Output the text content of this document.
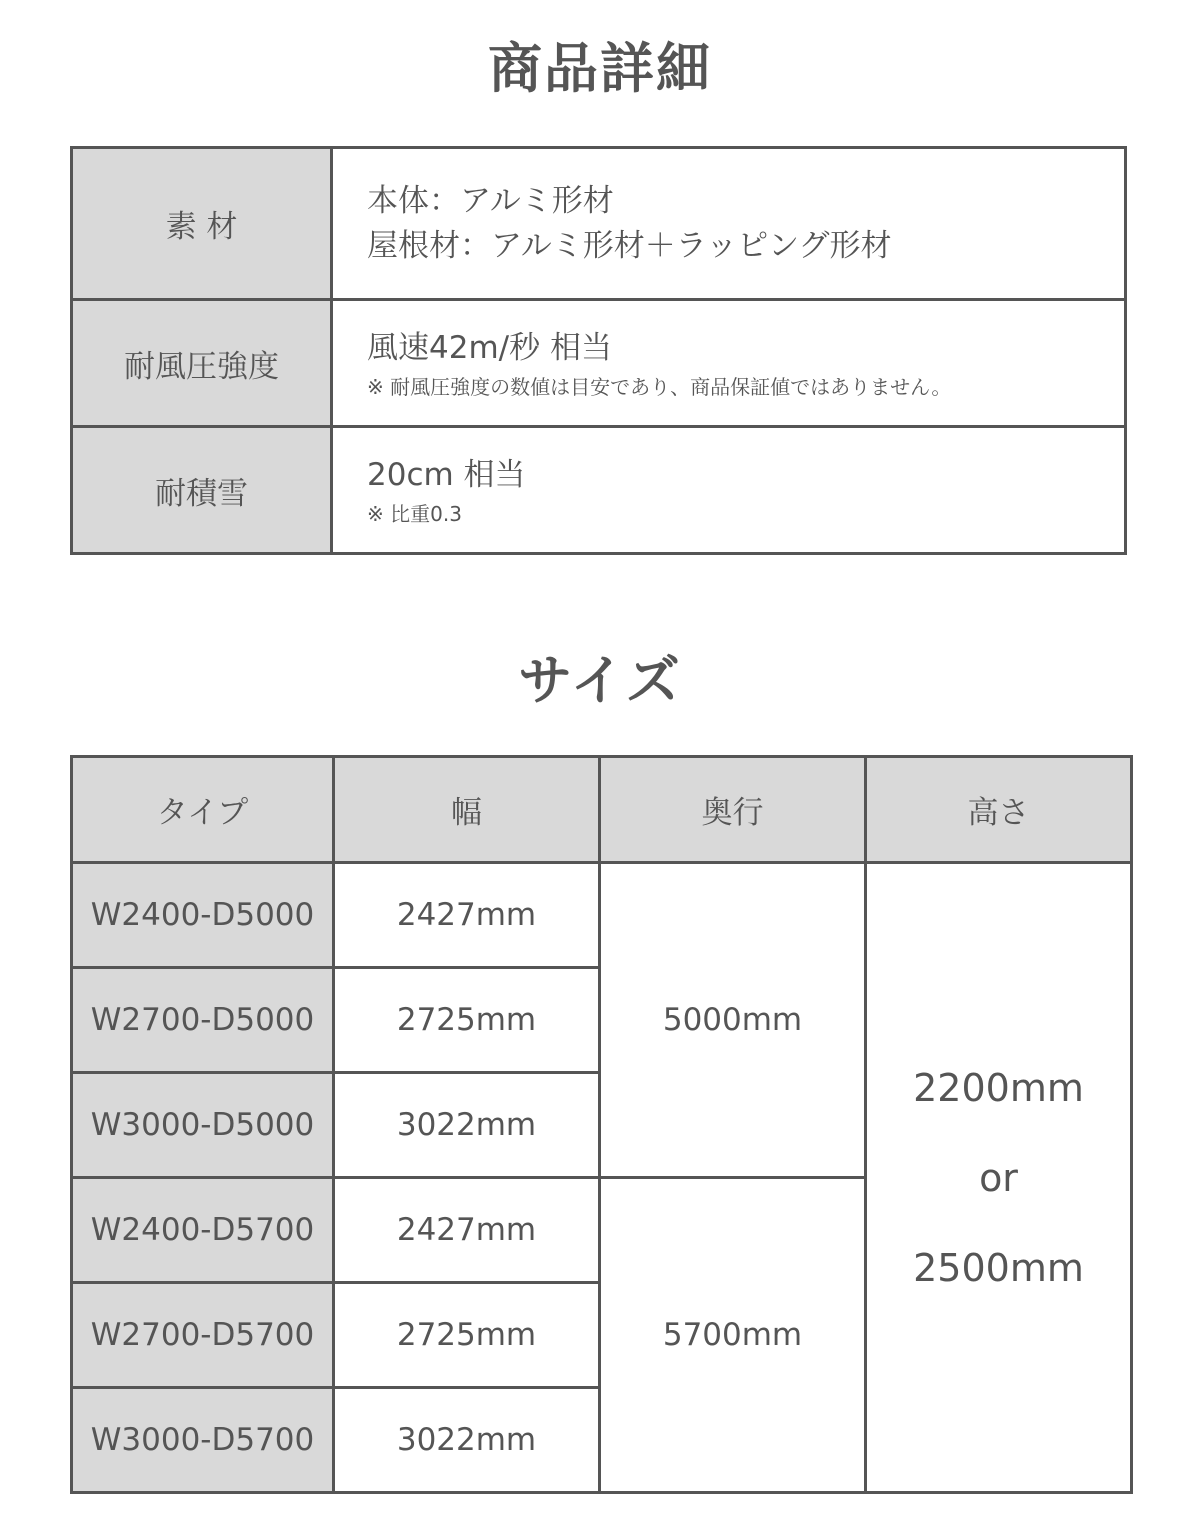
商品詳細
素 材	本体：アルミ形材
屋根材：アルミ形材＋ラッピング形材

耐風圧強度	風速42m/秒 相当
※ 耐風圧強度の数値は目安であり、商品保証値ではありません。

耐積雪	20cm 相当
※ 比重0.3
サイズ
タイプ	幅	奥行	高さ
W2400-D5000	2427mm	5000mm	2200mm
or
2500mm

W2700-D5000	2725mm		
W3000-D5000	3022mm		
W2400-D5700	2427mm	5700mm	
W2700-D5700	2725mm		
W3000-D5700	3022mm		
